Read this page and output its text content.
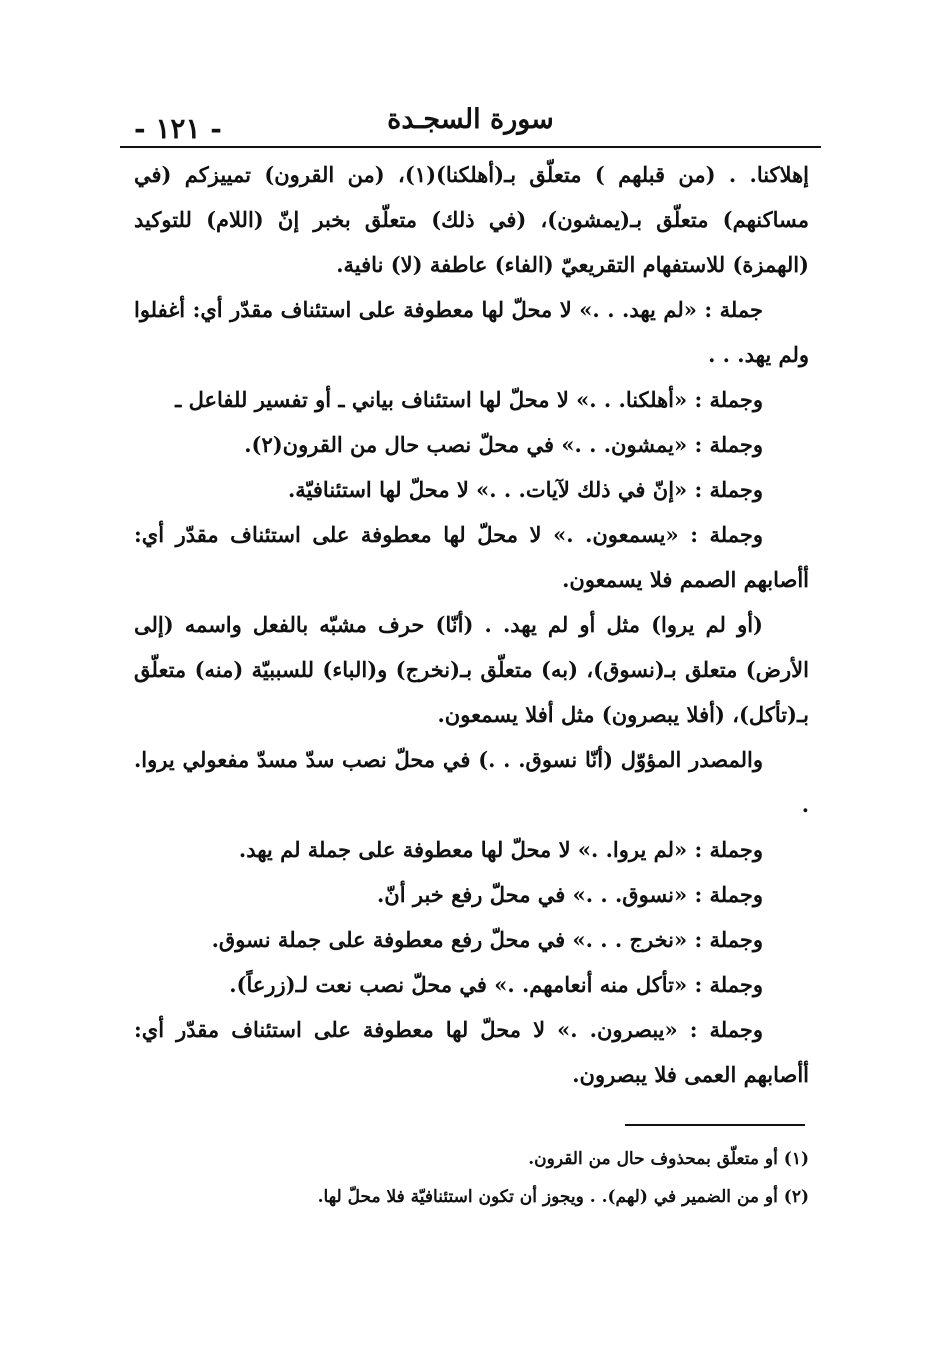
- ١٢١ -	سورة السجـدة

إهلاكنا. . (من قبلهم ) متعلّق بـ(أهلكنا)(١)، (من القرون) تمييزكم (في مساكنهم) متعلّق بـ(يمشون)، (في ذلك) متعلّق بخبر إنّ (اللام) للتوكيد (الهمزة) للاستفهام التقريعيّ (الفاء) عاطفة (لا) نافية.

جملة : «لم يهد. . .» لا محلّ لها معطوفة على استئناف مقدّر أي: أغفلوا ولم يهد. . .

وجملة : «أهلكنا. . .» لا محلّ لها استئناف بياني ـ أو تفسير للفاعل ـ

وجملة : «يمشون. . .» في محلّ نصب حال من القرون(٢).

وجملة : «إنّ في ذلك لآيات. . .» لا محلّ لها استئنافيّة.

وجملة : «يسمعون. .» لا محلّ لها معطوفة على استئناف مقدّر أي: أأصابهم الصمم فلا يسمعون.

(أو لم يروا) مثل أو لم يهد. . (أنّا) حرف مشبّه بالفعل واسمه (إلى الأرض) متعلق بـ(نسوق)، (به) متعلّق بـ(نخرج) و(الباء) للسببيّة (منه) متعلّق بـ(تأكل)، (أفلا يبصرون) مثل أفلا يسمعون.

والمصدر المؤوّل (أنّا نسوق. . .) في محلّ نصب سدّ مسدّ مفعولي يروا. .

وجملة : «لم يروا. .» لا محلّ لها معطوفة على جملة لم يهد.

وجملة : «نسوق. . .» في محلّ رفع خبر أنّ.

وجملة : «نخرج . . .» في محلّ رفع معطوفة على جملة نسوق.

وجملة : «تأكل منه أنعامهم. .» في محلّ نصب نعت لـ(زرعاً).

وجملة : «يبصرون. .» لا محلّ لها معطوفة على استئناف مقدّر أي: أأصابهم العمى فلا يبصرون.

(١) أو متعلّق بمحذوف حال من القرون.

(٢) أو من الضمير في (لهم). . ويجوز أن تكون استئنافيّة فلا محلّ لها.
